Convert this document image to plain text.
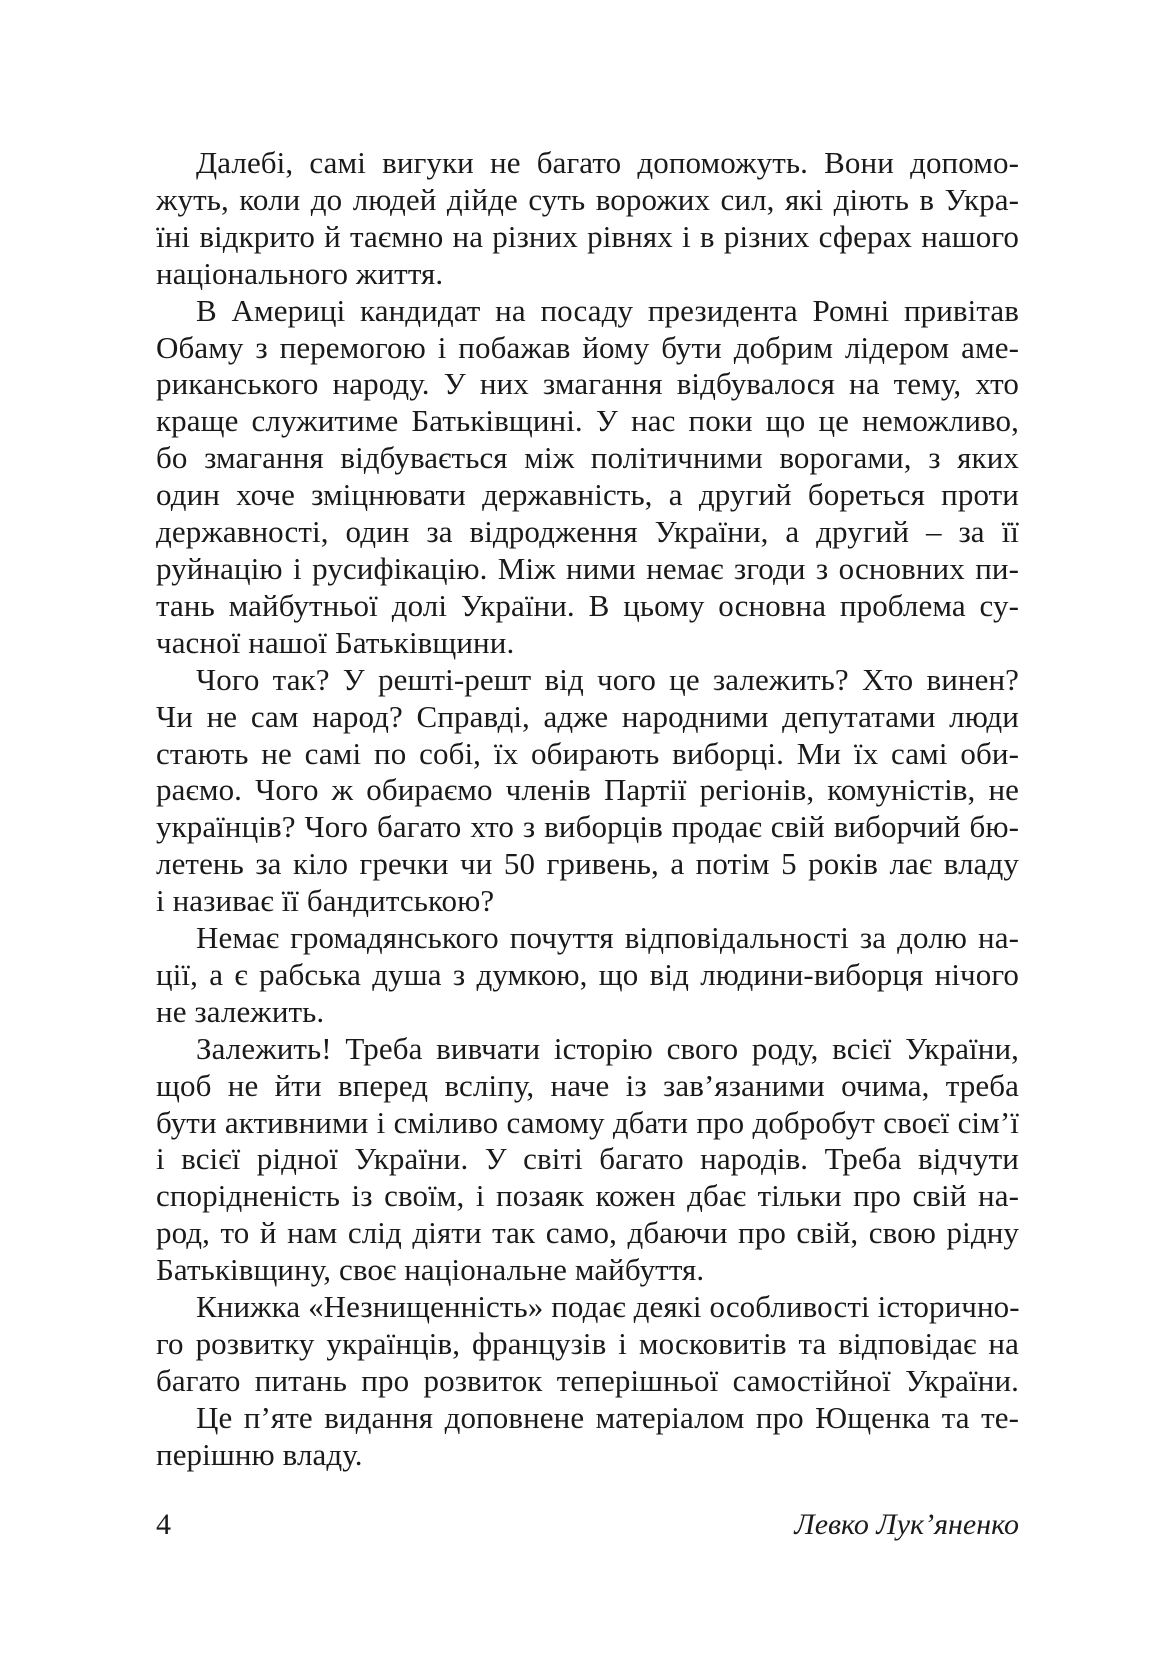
Далебі, самі вигуки не багато допоможуть. Вони допомо-
жуть, коли до людей дійде суть ворожих сил, які діють в Укра-
їні відкрито й таємно на різних рівнях і в різних сферах нашого
національного життя.

В Америці кандидат на посаду президента Ромні привітав
Обаму з перемогою і побажав йому бути добрим лідером аме-
риканського народу. У них змагання відбувалося на тему, хто
краще служитиме Батьківщині. У нас поки що це неможливо,
бо змагання відбувається між політичними ворогами, з яких
один хоче зміцнювати державність, а другий бореться проти
державності, один за відродження України, а другий – за її
руйнацію і русифікацію. Між ними немає згоди з основних пи-
тань майбутньої долі України. В цьому основна проблема су-
часної нашої Батьківщини.

Чого так? У решті-решт від чого це залежить? Хто винен?
Чи не сам народ? Справді, адже народними депутатами люди
стають не самі по собі, їх обирають виборці. Ми їх самі оби-
раємо. Чого ж обираємо членів Партії регіонів, комуністів, не
українців? Чого багато хто з виборців продає свій виборчий бю-
летень за кіло гречки чи 50 гривень, а потім 5 років лає владу
і називає її бандитською?

Немає громадянського почуття відповідальності за долю на-
ції, а є рабська душа з думкою, що від людини-виборця нічого
не залежить.

Залежить! Треба вивчати історію свого роду, всієї України,
щоб не йти вперед всліпу, наче із зав’язаними очима, треба
бути активними і сміливо самому дбати про добробут своєї сім’ї
і всієї рідної України. У світі багато народів. Треба відчути
спорідненість із своїм, і позаяк кожен дбає тільки про свій на-
род, то й нам слід діяти так само, дбаючи про свій, свою рідну
Батьківщину, своє національне майбуття.

Книжка «Незнищенність» подає деякі особливості історично-
го розвитку українців, французів і московитів та відповідає на
багато питань про розвиток теперішньої самостійної України.

Це п’яте видання доповнене матеріалом про Ющенка та те-
перішню владу.

4	Левко Лук’яненко
